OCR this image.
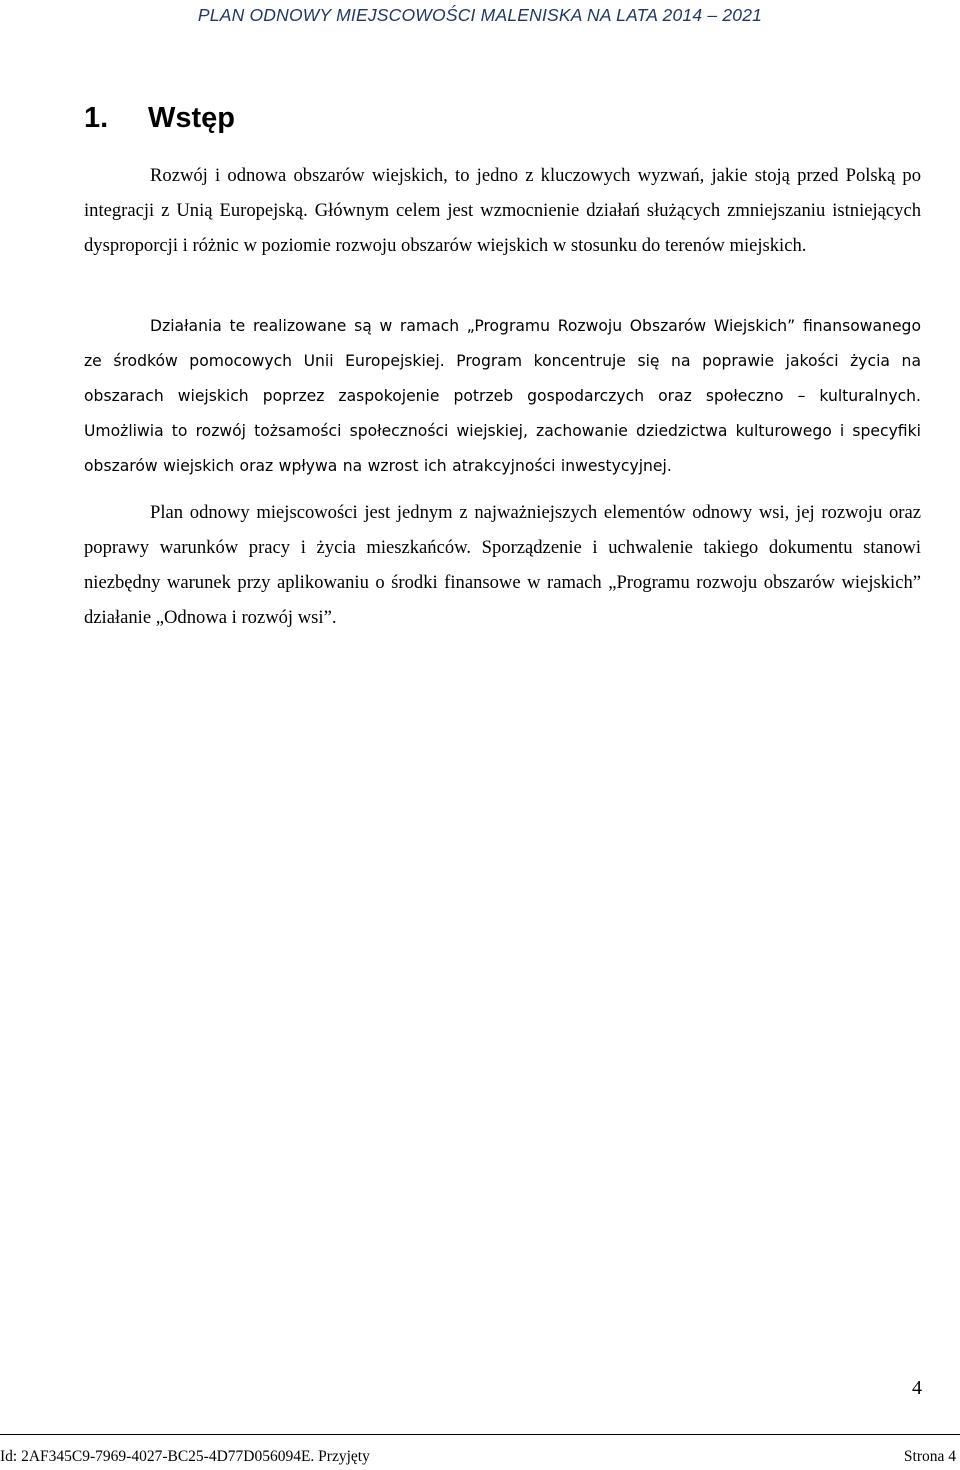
PLAN ODNOWY MIEJSCOWOŚCI MALENISKA NA LATA 2014 – 2021
1. Wstęp

Rozwój i odnowa obszarów wiejskich, to jedno z kluczowych wyzwań, jakie stoją przed Polską po integracji z Unią Europejską. Głównym celem jest wzmocnienie działań służących zmniejszaniu istniejących dysproporcji i różnic w poziomie rozwoju obszarów wiejskich w stosunku do terenów miejskich.

Działania te realizowane są w ramach „Programu Rozwoju Obszarów Wiejskich” finansowanego ze środków pomocowych Unii Europejskiej. Program koncentruje się na poprawie jakości życia na obszarach wiejskich poprzez zaspokojenie potrzeb gospodarczych oraz społeczno – kulturalnych. Umożliwia to rozwój tożsamości społeczności wiejskiej, zachowanie dziedzictwa kulturowego i specyfiki obszarów wiejskich oraz wpływa na wzrost ich atrakcyjności inwestycyjnej.

Plan odnowy miejscowości jest jednym z najważniejszych elementów odnowy wsi, jej rozwoju oraz poprawy warunków pracy i życia mieszkańców. Sporządzenie i uchwalenie takiego dokumentu stanowi niezbędny warunek przy aplikowaniu o środki finansowe w ramach „Programu rozwoju obszarów wiejskich” działanie „Odnowa i rozwój wsi”.

4
Id: 2AF345C9-7969-4027-BC25-4D77D056094E. Przyjęty	Strona 4
